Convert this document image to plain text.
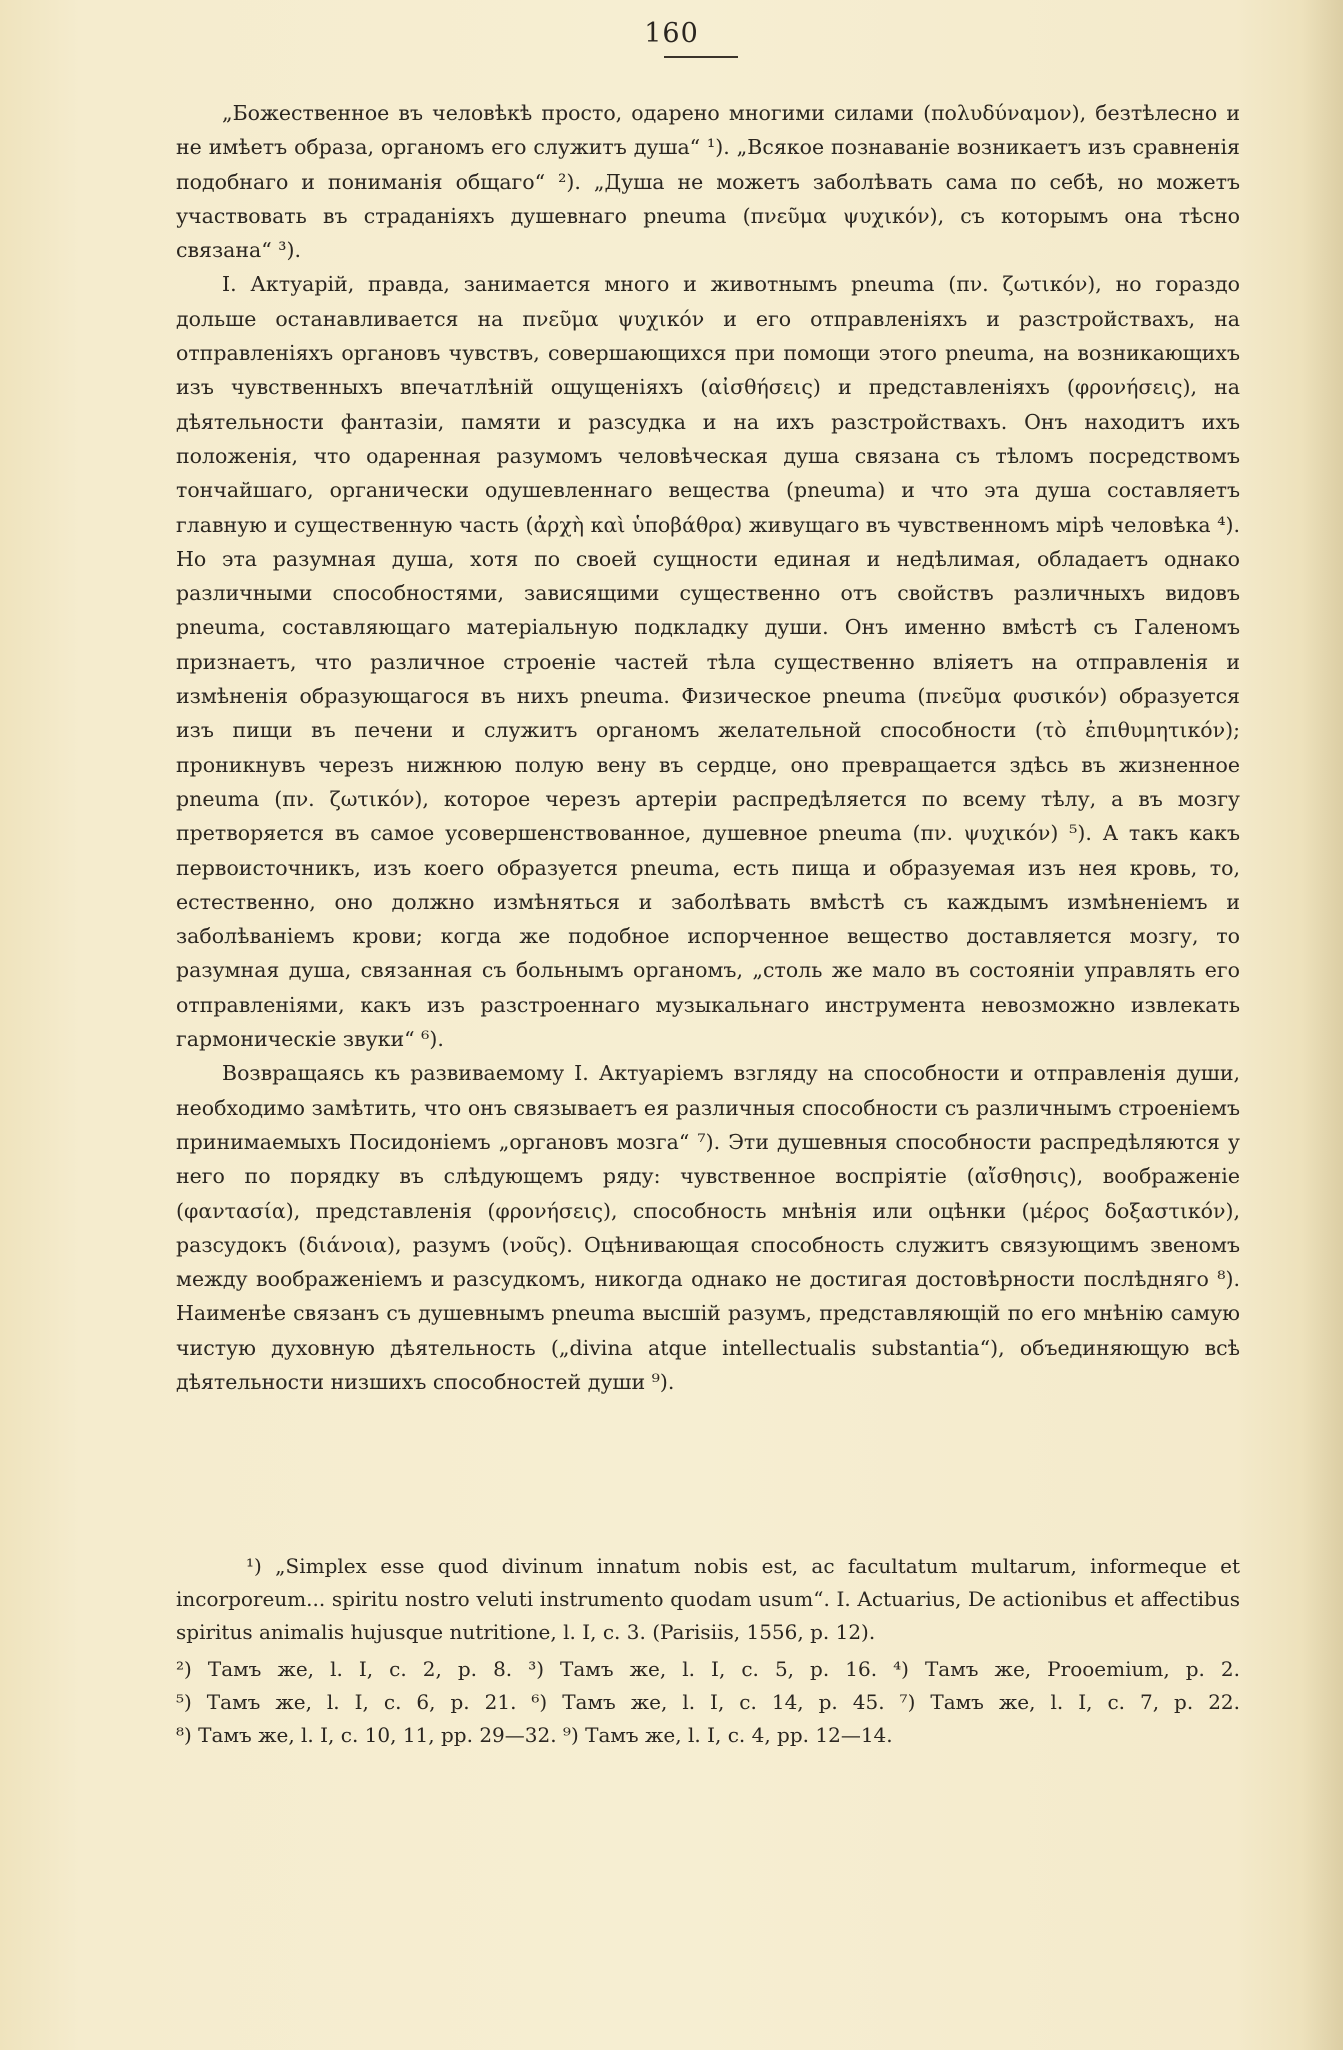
160

„Божественное въ человѣкѣ просто, одарено многими силами (πολυδύναμον), безтѣлесно и не имѣетъ образа, органомъ его служитъ душа“ ¹). „Всякое познаванiе возникаетъ изъ сравненiя подобнаго и пониманiя общаго“ ²). „Душа не можетъ заболѣвать сама по себѣ, но можетъ участвовать въ страданiяхъ душевнаго pneuma (πνεῦμα ψυχικόν), съ которымъ она тѣсно связана“ ³).

I. Актуарiй, правда, занимается много и животнымъ pneuma (πν. ζωτικόν), но гораздо дольше останавливается на πνεῦμα ψυχικόν и его отправленiяхъ и разстройствахъ, на отправленiяхъ органовъ чувствъ, совершающихся при помощи этого pneuma, на возникающихъ изъ чувственныхъ впечатлѣнiй ощущенiяхъ (αἰσθήσεις) и представленiяхъ (φρονήσεις), на дѣятельности фантазiи, памяти и разсудка и на ихъ разстройствахъ. Онъ находитъ ихъ положенiя, что одаренная разумомъ человѣческая душа связана съ тѣломъ посредствомъ тончайшаго, органически одушевленнаго вещества (pneuma) и что эта душа составляетъ главную и существенную часть (ἀρχὴ καὶ ὑποβάθρα) живущаго въ чувственномъ мiрѣ человѣка ⁴). Но эта разумная душа, хотя по своей сущности единая и недѣлимая, обладаетъ однако различными способностями, зависящими существенно отъ свойствъ различныхъ видовъ pneuma, составляющаго матерiальную подкладку души. Онъ именно вмѣстѣ съ Галеномъ признаетъ, что различное строенiе частей тѣла существенно влiяетъ на отправленiя и измѣненiя образующагося въ нихъ pneuma. Физическое pneuma (πνεῦμα φυσικόν) образуется изъ пищи въ печени и служитъ органомъ желательной способности (τὸ ἐπιθυμητικόν); проникнувъ черезъ нижнюю полую вену въ сердце, оно превращается здѣсь въ жизненное pneuma (πν. ζωτικόν), которое черезъ артерiи распредѣляется по всему тѣлу, а въ мозгу претворяется въ самое усовершенствованное, душевное pneuma (πν. ψυχικόν) ⁵). А такъ какъ первоисточникъ, изъ коего образуется pneuma, есть пища и образуемая изъ нея кровь, то, естественно, оно должно измѣняться и заболѣвать вмѣстѣ съ каждымъ измѣненiемъ и заболѣванiемъ крови; когда же подобное испорченное вещество доставляется мозгу, то разумная душа, связанная съ больнымъ органомъ, „столь же мало въ состоянiи управлять его отправленiями, какъ изъ разстроеннаго музыкальнаго инструмента невозможно извлекать гармоническiе звуки“ ⁶).

Возвращаясь къ развиваемому I. Актуарiемъ взгляду на способности и отправленiя души, необходимо замѣтить, что онъ связываетъ ея различныя способности съ различнымъ строенiемъ принимаемыхъ Посидонiемъ „органовъ мозга“ ⁷). Эти душевныя способности распредѣляются у него по порядку въ слѣдующемъ ряду: чувственное воспрiятiе (αἴσθησις), воображенiе (φαντασία), представленiя (φρονήσεις), способность мнѣнiя или оцѣнки (μέρος δοξαστικόν), разсудокъ (διάνοια), разумъ (νοῦς). Оцѣнивающая способность служитъ связующимъ звеномъ между воображенiемъ и разсудкомъ, никогда однако не достигая достовѣрности послѣдняго ⁸). Наименѣе связанъ съ душевнымъ pneuma высшiй разумъ, представляющiй по его мнѣнiю самую чистую духовную дѣятельность („divina atque intellectualis substantia“), объединяющую всѣ дѣятельности низшихъ способностей души ⁹).

¹) „Simplex esse quod divinum innatum nobis est, ac facultatum multarum, informeque et incorporeum... spiritu nostro veluti instrumento quodam usum“. I. Actuarius, De actionibus et affectibus spiritus animalis hujusque nutritione, l. I, c. 3. (Parisiis, 1556, p. 12).

²) Тамъ же, l. I, c. 2, p. 8. ³) Тамъ же, l. I, c. 5, p. 16. ⁴) Тамъ же, Prooemium, p. 2.
⁵) Тамъ же, l. I, c. 6, p. 21. ⁶) Тамъ же, l. I, c. 14, p. 45. ⁷) Тамъ же, l. I, c. 7, p. 22.
⁸) Тамъ же, l. I, c. 10, 11, pp. 29—32. ⁹) Тамъ же, l. I, c. 4, pp. 12—14.
